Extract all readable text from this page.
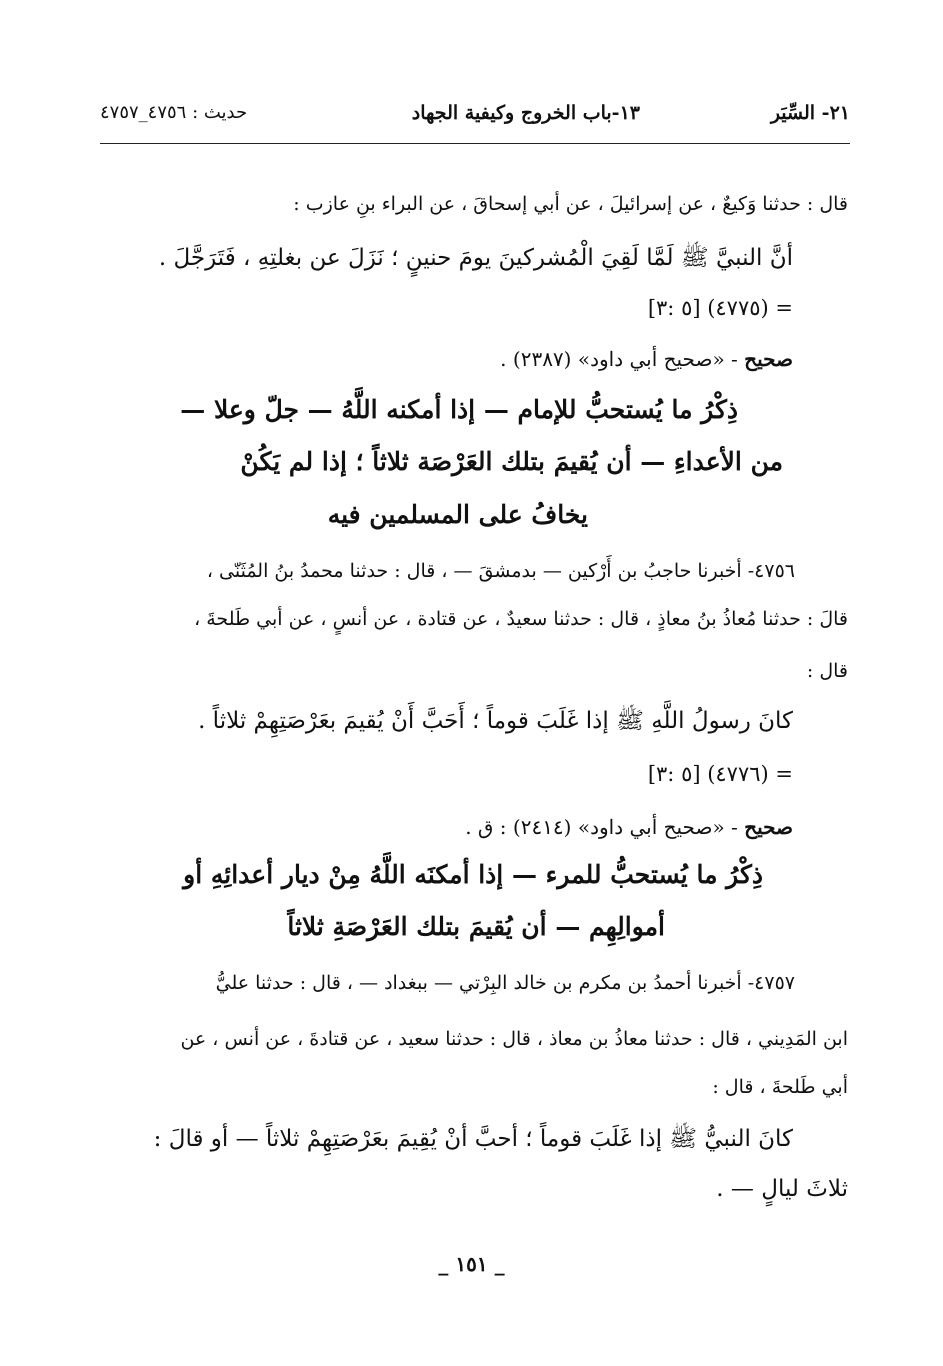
٢١- السِّيَر
١٣-باب الخروج وكيفية الجهاد
حديث : ٤٧٥٦_٤٧٥٧
قال : حدثنا وَكيعٌ ، عن إسرائيلَ ، عن أبي إسحاقَ ، عن البراء بنِ عازب :
أنَّ النبيَّ ﷺ لَمَّا لَقِيَ الْمُشركينَ يومَ حنينٍ ؛ نَزَلَ عن بغلتِهِ ، فَتَرَجَّلَ .
= (٤٧٧٥) [٥ :٣]
صحيح - «صحيح أبي داود» (٢٣٨٧) .
ذِكْرُ ما يُستحبُّ للإمام — إذا أمكنه اللَّهُ — جلّ وعلا —
من الأعداءِ — أن يُقيمَ بتلك العَرْصَة ثلاثاً ؛ إذا لم يَكُنْ
يخافُ على المسلمين فيه
٤٧٥٦- أخبرنا حاجبُ بن أَرْكين — بدمشقَ — ، قال : حدثنا محمدُ بنُ المُثَنّى ،
قالَ : حدثنا مُعاذُ بنُ معاذٍ ، قال : حدثنا سعيدٌ ، عن قتادة ، عن أنسٍ ، عن أبي طَلحةَ ،
قال :
كانَ رسولُ اللَّهِ ﷺ إذا غَلَبَ قوماً ؛ أَحَبَّ أَنْ يُقيمَ بعَرْصَتِهِمْ ثلاثاً .
= (٤٧٧٦) [٥ :٣]
صحيح - «صحيح أبي داود» (٢٤١٤) : ق .
ذِكْرُ ما يُستحبُّ للمرء — إذا أمكنَه اللَّهُ مِنْ ديار أعدائِهِ أو
أموالِهِم — أن يُقيمَ بتلك العَرْصَةِ ثلاثاً
٤٧٥٧- أخبرنا أحمدُ بن مكرم بن خالد البِرْتي — ببغداد — ، قال : حدثنا عليُّ
ابن المَدِيني ، قال : حدثنا معاذُ بن معاذ ، قال : حدثنا سعيد ، عن قتادةَ ، عن أنس ، عن
أبي طَلحةَ ، قال :
كانَ النبيُّ ﷺ إذا غَلَبَ قوماً ؛ أحبَّ أنْ يُقِيمَ بعَرْصَتِهِمْ ثلاثاً — أو قالَ :
ثلاثَ ليالٍ — .
_ ١٥١ _
